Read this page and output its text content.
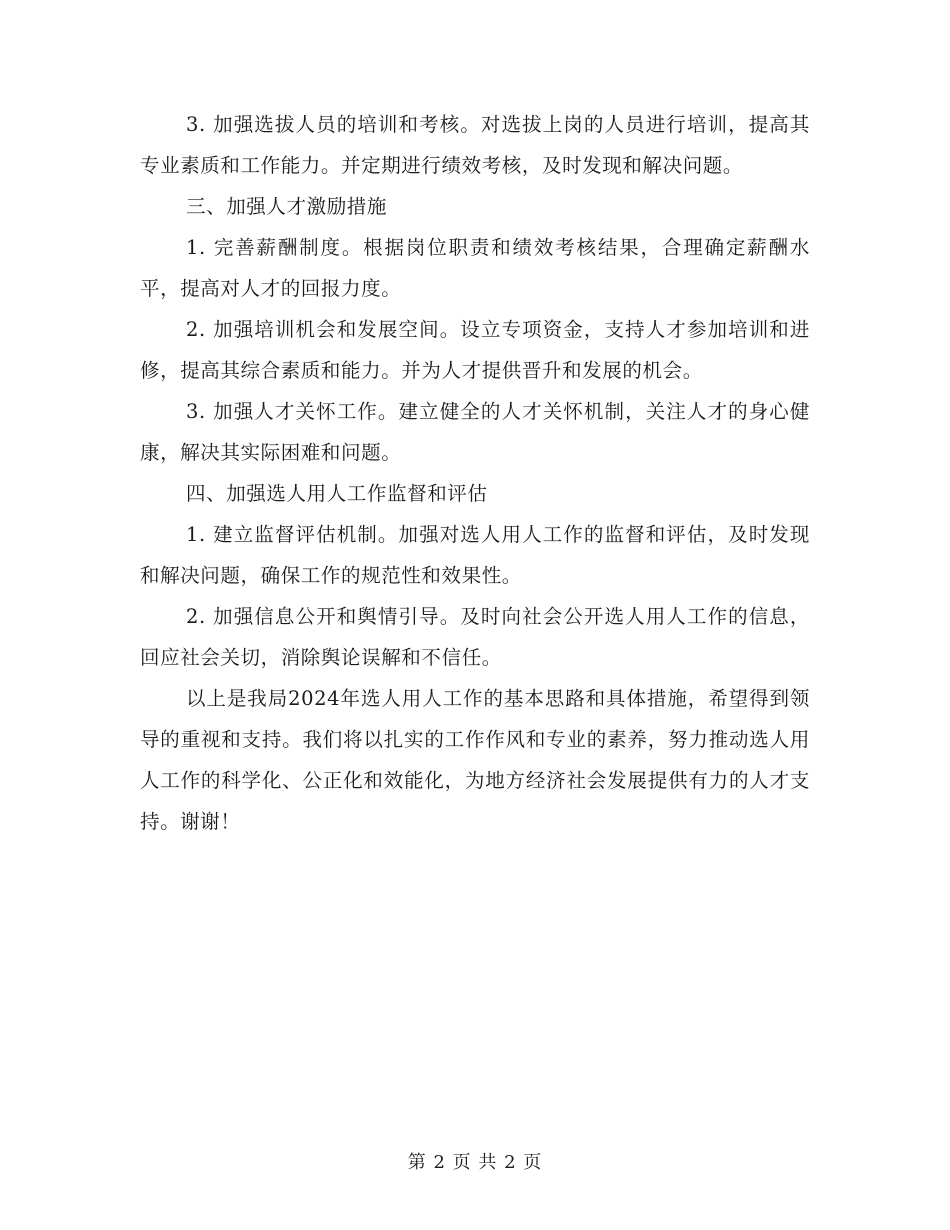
3. 加强选拔人员的培训和考核。对选拔上岗的人员进行培训，提高其专业素质和工作能力。并定期进行绩效考核，及时发现和解决问题。

三、加强人才激励措施

1. 完善薪酬制度。根据岗位职责和绩效考核结果，合理确定薪酬水平，提高对人才的回报力度。

2. 加强培训机会和发展空间。设立专项资金，支持人才参加培训和进修，提高其综合素质和能力。并为人才提供晋升和发展的机会。

3. 加强人才关怀工作。建立健全的人才关怀机制，关注人才的身心健康，解决其实际困难和问题。

四、加强选人用人工作监督和评估

1. 建立监督评估机制。加强对选人用人工作的监督和评估，及时发现和解决问题，确保工作的规范性和效果性。

2. 加强信息公开和舆情引导。及时向社会公开选人用人工作的信息，回应社会关切，消除舆论误解和不信任。

以上是我局2024年选人用人工作的基本思路和具体措施，希望得到领导的重视和支持。我们将以扎实的工作作风和专业的素养，努力推动选人用人工作的科学化、公正化和效能化，为地方经济社会发展提供有力的人才支持。谢谢！

第 2 页 共 2 页
